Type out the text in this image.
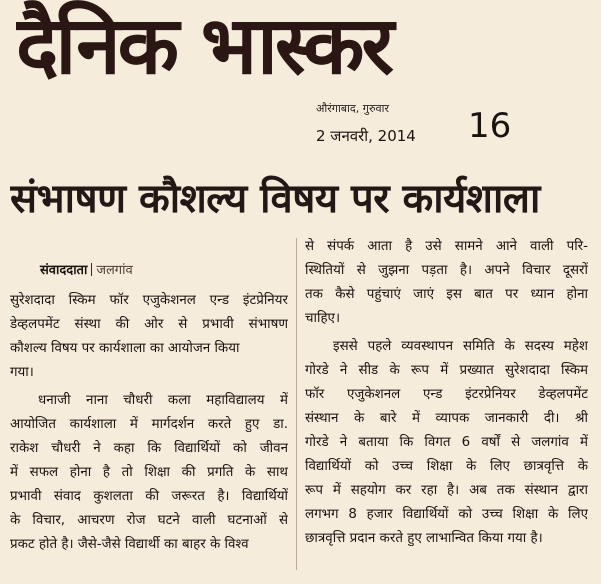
दैनिक भास्कर
औरंगाबाद, गुरुवार
2 जनवरी, 2014 16
संभाषण कौशल्य विषय पर कार्यशाला
संवाददाता जलगांव
सुरेशदादा स्किम फॉर एजुकेशनल एन्ड इंटप्रेनियर
डेव्हलपमेंट संस्था की ओर से प्रभावी संभाषण
कौशल्य विषय पर कार्यशाला का आयोजन किया
गया।
धनाजी नाना चौधरी कला महाविद्यालय में
आयोजित कार्यशाला में मार्गदर्शन करते हुए डा.
राकेश चौधरी ने कहा कि विद्यार्थियों को जीवन
में सफल होना है तो शिक्षा की प्रगति के साथ
प्रभावी संवाद कुशलता की जरूरत है। विद्यार्थियों
के विचार, आचरण रोज घटने वाली घटनाओं से
प्रकट होते है। जैसे-जैसे विद्यार्थी का बाहर के विश्व
से संपर्क आता है उसे सामने आने वाली परि-
स्थितियों से जुझना पड़ता है। अपने विचार दूसरों
तक कैसे पहुंचाएं जाएं इस बात पर ध्यान होना
चाहिए।
इससे पहले व्यवस्थापन समिति के सदस्य महेश
गोरडे ने सीड के रूप में प्रख्यात सुरेशदादा स्किम
फॉर एजुकेशनल एन्ड इंटरप्रेनियर डेव्हलपमेंट
संस्थान के बारे में व्यापक जानकारी दी। श्री
गोरडे ने बताया कि विगत 6 वर्षों से जलगांव में
विद्यार्थियों को उच्च शिक्षा के लिए छात्रवृत्ति के
रूप में सहयोग कर रहा है। अब तक संस्थान द्वारा
लगभग 8 हजार विद्यार्थियों को उच्च शिक्षा के लिए
छात्रवृत्ति प्रदान करते हुए लाभान्वित किया गया है।
